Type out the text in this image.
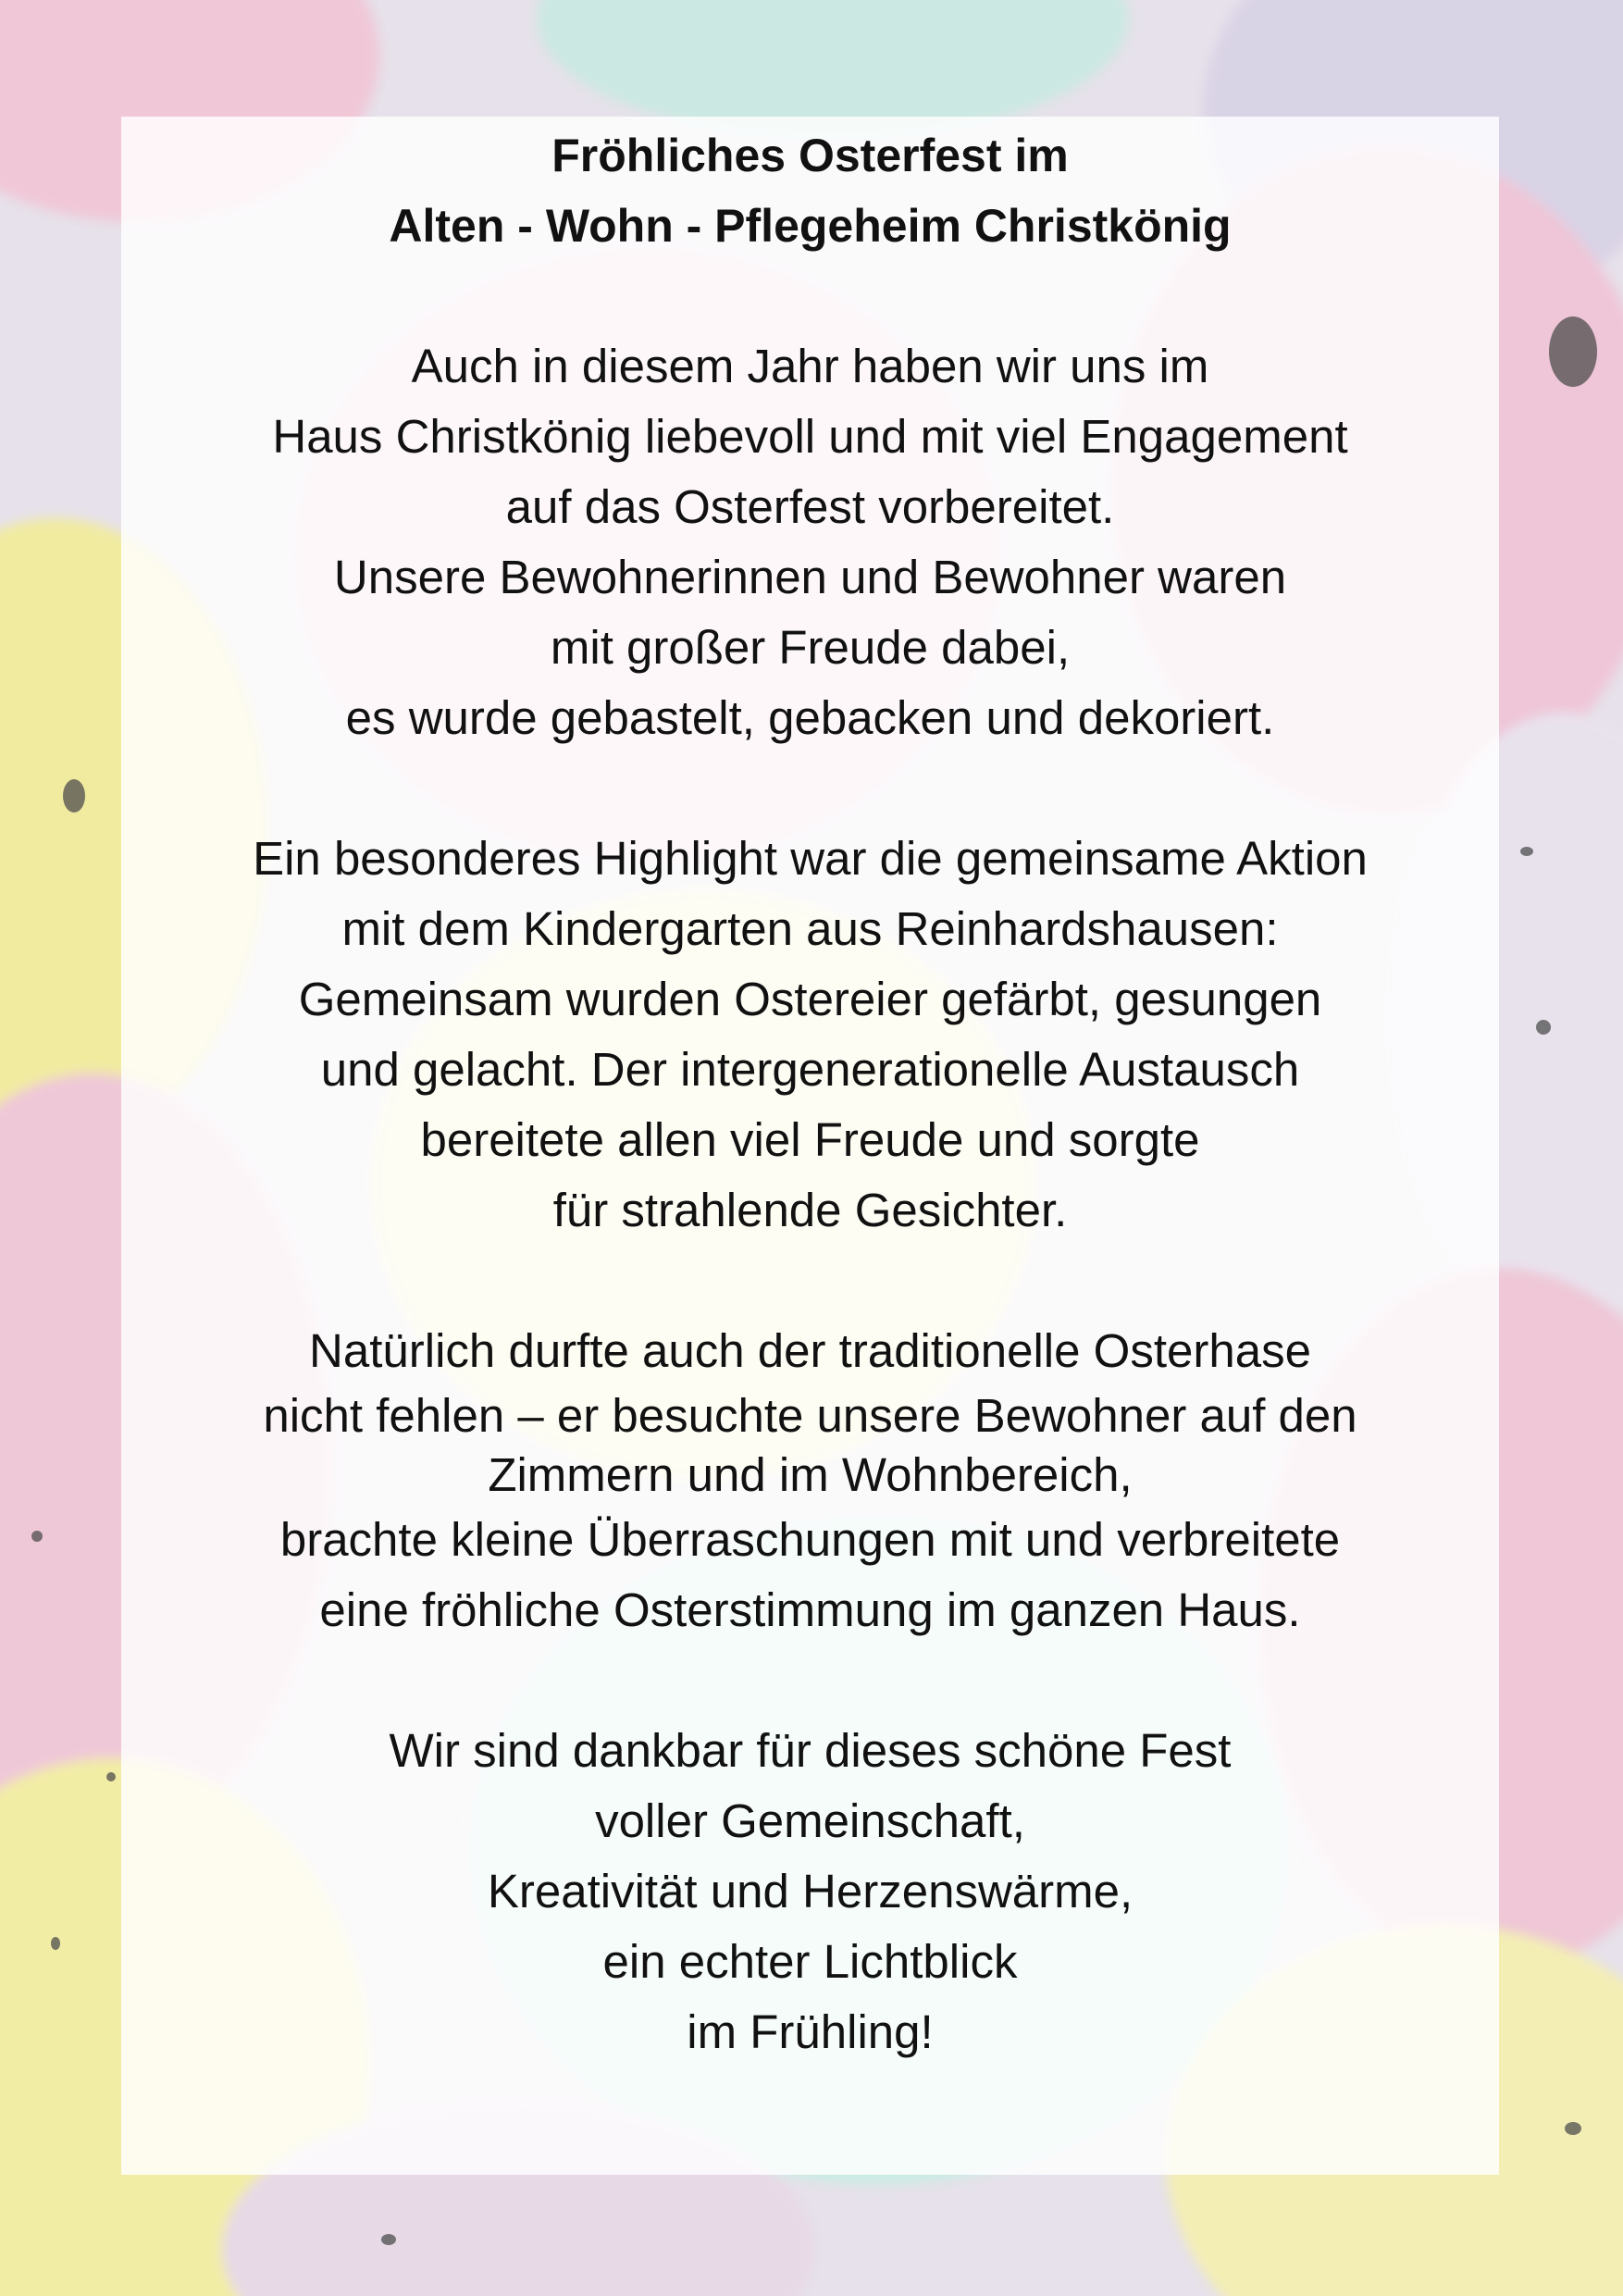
Fröhliches Osterfest im
Alten - Wohn - Pflegeheim Christkönig
Auch in diesem Jahr haben wir uns im
Haus Christkönig liebevoll und mit viel Engagement
auf das Osterfest vorbereitet.
Unsere Bewohnerinnen und Bewohner waren
mit großer Freude dabei,
es wurde gebastelt, gebacken und dekoriert.
Ein besonderes Highlight war die gemeinsame Aktion
mit dem Kindergarten aus Reinhardshausen:
Gemeinsam wurden Ostereier gefärbt, gesungen
und gelacht. Der intergenerationelle Austausch
bereitete allen viel Freude und sorgte
für strahlende Gesichter.
Natürlich durfte auch der traditionelle Osterhase
nicht fehlen – er besuchte unsere Bewohner auf den
Zimmern und im Wohnbereich,
brachte kleine Überraschungen mit und verbreitete
eine fröhliche Osterstimmung im ganzen Haus.
Wir sind dankbar für dieses schöne Fest
voller Gemeinschaft,
Kreativität und Herzenswärme,
ein echter Lichtblick
im Frühling!
